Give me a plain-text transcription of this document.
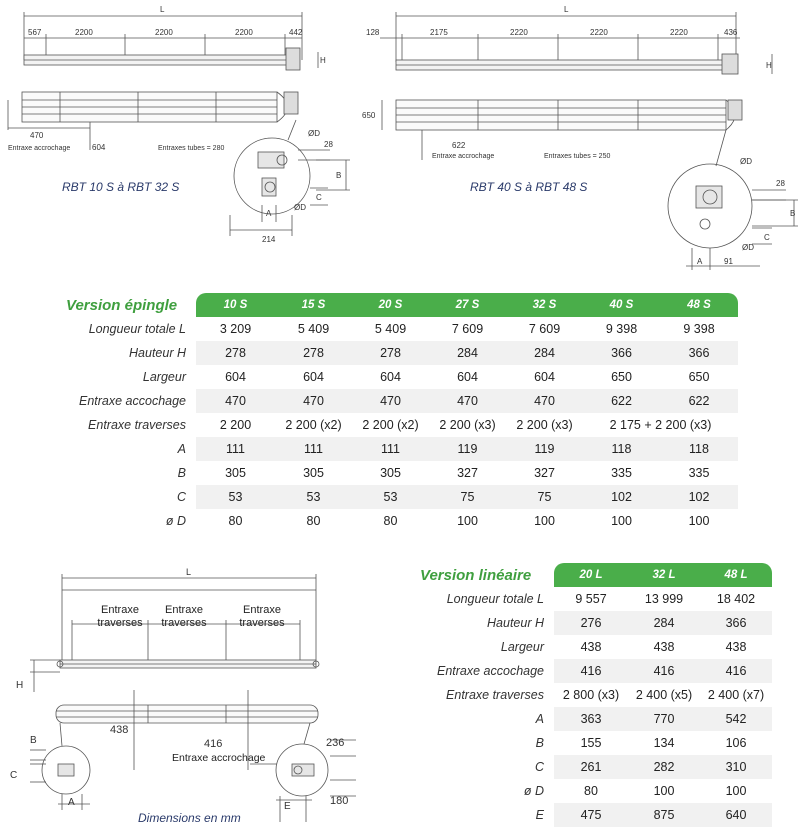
L
567	2200	2200	2200	442
H
470
Entraxe accrochage	604	Entraxes tubes = 280
ØD
28
B
C
ØD
A
214
RBT 10 S à RBT 32 S
L
128	2175	2220	2220	2220	436
H
650
622
Entraxe accrochage	Entraxes tubes = 250
ØD
28
B
C
ØD
A	91
RBT 40 S à RBT 48 S
Version épingle	10 S	15 S	20 S	27 S	32 S	40 S	48 S
Longueur totale L	3 209	5 409	5 409	7 609	7 609	9 398	9 398
Hauteur H	278	278	278	284	284	366	366
Largeur	604	604	604	604	604	650	650
Entraxe accochage	470	470	470	470	470	622	622
Entraxe traverses	2 200	2 200 (x2)	2 200 (x2)	2 200 (x3)	2 200 (x3)	2 175 + 2 200 (x3)	
A	111	111	111	119	119	118	118
B	305	305	305	327	327	335	335
C	53	53	53	75	75	102	102
ø D	80	80	80	100	100	100	100
L
H
B
C
A
438
416	236
E	180
Entraxe traverses
Entraxe traverses
Entraxe traverses
Entraxe accrochage
Dimensions en mm
Version linéaire	20 L	32 L	48 L
Longueur totale L	9 557	13 999	18 402
Hauteur H	276	284	366
Largeur	438	438	438
Entraxe accochage	416	416	416
Entraxe traverses	2 800 (x3)	2 400 (x5)	2 400 (x7)
A	363	770	542
B	155	134	106
C	261	282	310
ø D	80	100	100
E	475	875	640
